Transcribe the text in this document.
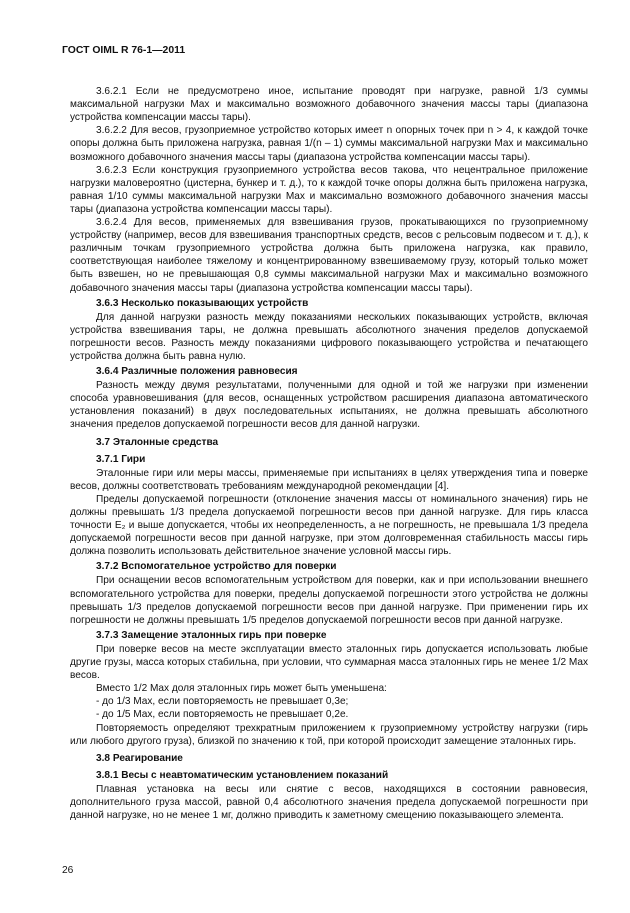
ГОСТ OIML R 76-1—2011

3.6.2.1 Если не предусмотрено иное, испытание проводят при нагрузке, равной 1/3 суммы максимальной нагрузки Max и максимально возможного добавочного значения массы тары (диапазона устройства компенсации массы тары).

3.6.2.2 Для весов, грузоприемное устройство которых имеет n опорных точек при n > 4, к каждой точке опоры должна быть приложена нагрузка, равная 1/(n – 1) суммы максимальной нагрузки Max и максимально возможного добавочного значения массы тары (диапазона устройства компенсации массы тары).

3.6.2.3 Если конструкция грузоприемного устройства весов такова, что нецентральное приложение нагрузки маловероятно (цистерна, бункер и т. д.), то к каждой точке опоры должна быть приложена нагрузка, равная 1/10 суммы максимальной нагрузки Max и максимально возможного добавочного значения массы тары (диапазона устройства компенсации массы тары).

3.6.2.4 Для весов, применяемых для взвешивания грузов, прокатывающихся по грузоприемному устройству (например, весов для взвешивания транспортных средств, весов с рельсовым подвесом и т. д.), к различным точкам грузоприемного устройства должна быть приложена нагрузка, как правило, соответствующая наиболее тяжелому и концентрированному взвешиваемому грузу, который только может быть взвешен, но не превышающая 0,8 суммы максимальной нагрузки Max и максимально возможного добавочного значения массы тары (диапазона устройства компенсации массы тары).

3.6.3 Несколько показывающих устройств

Для данной нагрузки разность между показаниями нескольких показывающих устройств, включая устройства взвешивания тары, не должна превышать абсолютного значения пределов допускаемой погрешности весов. Разность между показаниями цифрового показывающего устройства и печатающего устройства должна быть равна нулю.

3.6.4 Различные положения равновесия

Разность между двумя результатами, полученными для одной и той же нагрузки при изменении способа уравновешивания (для весов, оснащенных устройством расширения диапазона автоматического установления показаний) в двух последовательных испытаниях, не должна превышать абсолютного значения пределов допускаемой погрешности весов для данной нагрузки.

3.7 Эталонные средства
3.7.1 Гири

Эталонные гири или меры массы, применяемые при испытаниях в целях утверждения типа и поверке весов, должны соответствовать требованиям международной рекомендации [4].

Пределы допускаемой погрешности (отклонение значения массы от номинального значения) гирь не должны превышать 1/3 предела допускаемой погрешности весов при данной нагрузке. Для гирь класса точности E₂ и выше допускается, чтобы их неопределенность, а не погрешность, не превышала 1/3 предела допускаемой погрешности весов при данной нагрузке, при этом долговременная стабильность массы гирь должна позволить использовать действительное значение условной массы гирь.

3.7.2 Вспомогательное устройство для поверки

При оснащении весов вспомогательным устройством для поверки, как и при использовании внешнего вспомогательного устройства для поверки, пределы допускаемой погрешности этого устройства не должны превышать 1/3 пределов допускаемой погрешности весов при данной нагрузке. При применении гирь их погрешности не должны превышать 1/5 пределов допускаемой погрешности весов при данной нагрузке.

3.7.3 Замещение эталонных гирь при поверке

При поверке весов на месте эксплуатации вместо эталонных гирь допускается использовать любые другие грузы, масса которых стабильна, при условии, что суммарная масса эталонных гирь не менее 1/2 Max весов.

Вместо 1/2 Max доля эталонных гирь может быть уменьшена:

- до 1/3 Max, если повторяемость не превышает 0,3e;

- до 1/5 Max, если повторяемость не превышает 0,2e.

Повторяемость определяют трехкратным приложением к грузоприемному устройству нагрузки (гирь или любого другого груза), близкой по значению к той, при которой происходит замещение эталонных гирь.

3.8 Реагирование
3.8.1 Весы с неавтоматическим установлением показаний

Плавная установка на весы или снятие с весов, находящихся в состоянии равновесия, дополнительного груза массой, равной 0,4 абсолютного значения предела допускаемой погрешности при данной нагрузке, но не менее 1 мг, должно приводить к заметному смещению показывающего элемента.

26
